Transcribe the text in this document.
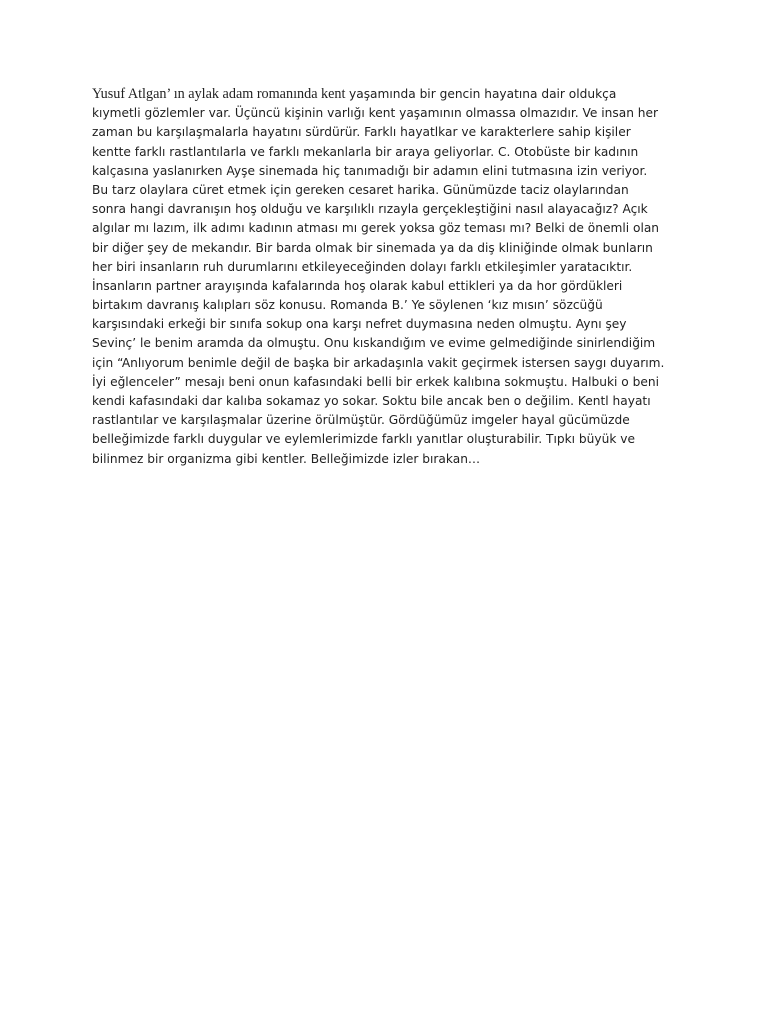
Yusuf Atlgan’ ın aylak adam romanında kent yaşamında bir gencin hayatına dair oldukça
kıymetli gözlemler var. Üçüncü kişinin varlığı kent yaşamının olmassa olmazıdır. Ve insan her
zaman bu karşılaşmalarla hayatını sürdürür. Farklı hayatlkar ve karakterlere sahip kişiler
kentte farklı rastlantılarla ve farklı mekanlarla bir araya geliyorlar. C. Otobüste bir kadının
kalçasına yaslanırken Ayşe sinemada hiç tanımadığı bir adamın elini tutmasına izin veriyor.
Bu tarz olaylara cüret etmek için gereken cesaret harika. Günümüzde taciz olaylarından
sonra hangi davranışın hoş olduğu ve karşılıklı rızayla gerçekleştiğini nasıl alayacağız? Açık
algılar mı lazım, ilk adımı kadının atması mı gerek yoksa göz teması mı? Belki de önemli olan
bir diğer şey de mekandır. Bir barda olmak bir sinemada ya da diş kliniğinde olmak bunların
her biri insanların ruh durumlarını etkileyeceğinden dolayı farklı etkileşimler yaratacıktır.
İnsanların partner arayışında kafalarında hoş olarak kabul ettikleri ya da hor gördükleri
birtakım davranış kalıpları söz konusu. Romanda B.’ Ye söylenen ‘kız mısın’ sözcüğü
karşısındaki erkeği bir sınıfa sokup ona karşı nefret duymasına neden olmuştu. Aynı şey
Sevinç’ le benim aramda da olmuştu. Onu kıskandığım ve evime gelmediğinde sinirlendiğim
için “Anlıyorum benimle değil de başka bir arkadaşınla vakit geçirmek istersen saygı duyarım.
İyi eğlenceler” mesajı beni onun kafasındaki belli bir erkek kalıbına sokmuştu. Halbuki o beni
kendi kafasındaki dar kalıba sokamaz yo sokar. Soktu bile ancak ben o değilim. Kentl hayatı
rastlantılar ve karşılaşmalar üzerine örülmüştür. Gördüğümüz imgeler hayal gücümüzde
belleğimizde farklı duygular ve eylemlerimizde farklı yanıtlar oluşturabilir. Tıpkı büyük ve
bilinmez bir organizma gibi kentler. Belleğimizde izler bırakan…
